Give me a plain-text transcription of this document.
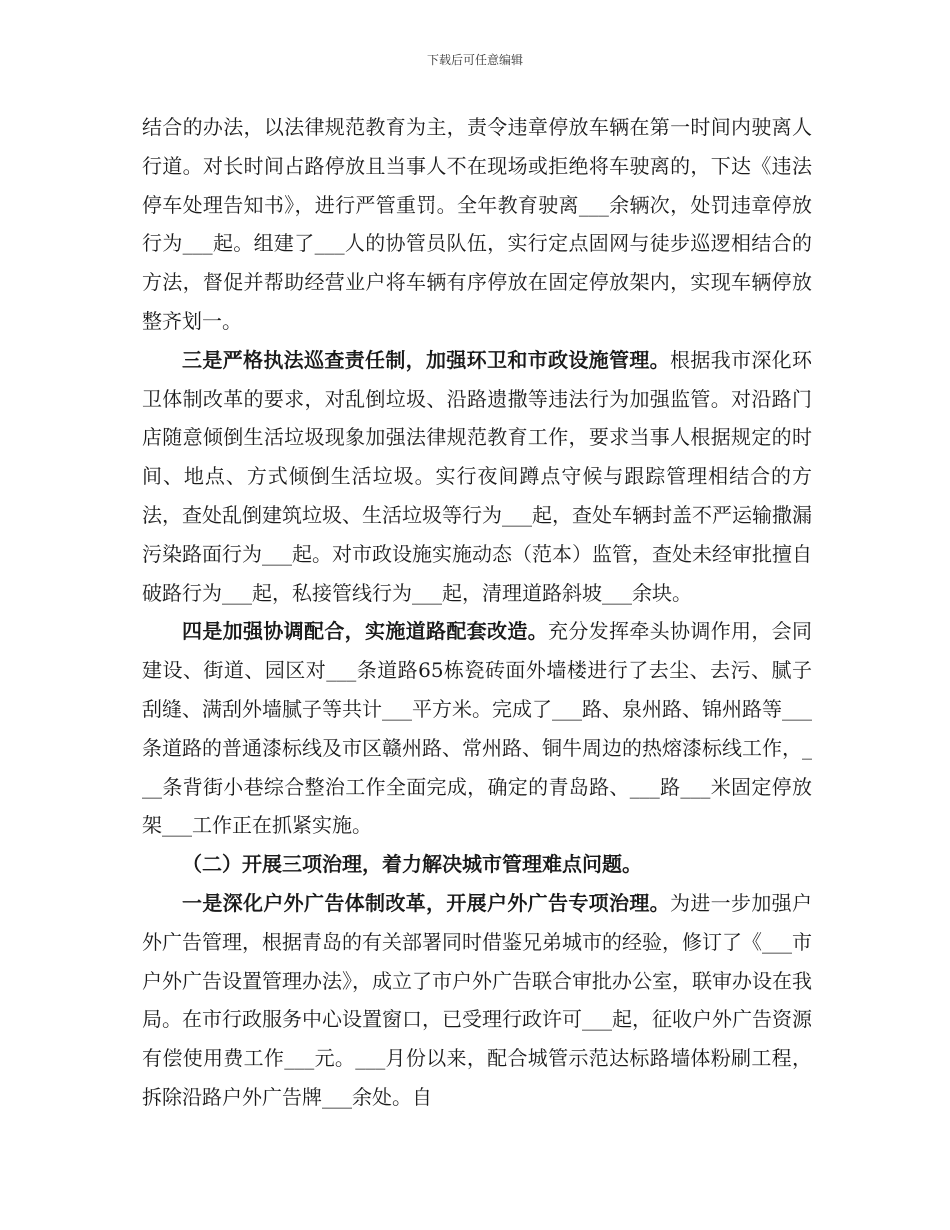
下载后可任意编辑

结合的办法，以法律规范教育为主，责令违章停放车辆在第一时间内驶离人行道。对长时间占路停放且当事人不在现场或拒绝将车驶离的，下达《违法停车处理告知书》，进行严管重罚。全年教育驶离___余辆次，处罚违章停放行为___起。组建了___人的协管员队伍，实行定点固网与徒步巡逻相结合的方法，督促并帮助经营业户将车辆有序停放在固定停放架内，实现车辆停放整齐划一。

三是严格执法巡查责任制，加强环卫和市政设施管理。根据我市深化环卫体制改革的要求，对乱倒垃圾、沿路遗撒等违法行为加强监管。对沿路门店随意倾倒生活垃圾现象加强法律规范教育工作，要求当事人根据规定的时间、地点、方式倾倒生活垃圾。实行夜间蹲点守候与跟踪管理相结合的方法，查处乱倒建筑垃圾、生活垃圾等行为___起，查处车辆封盖不严运输撒漏污染路面行为___起。对市政设施实施动态（范本）监管，查处未经审批擅自破路行为___起，私接管线行为___起，清理道路斜坡___余块。

四是加强协调配合，实施道路配套改造。充分发挥牵头协调作用，会同建设、街道、园区对___条道路65栋瓷砖面外墙楼进行了去尘、去污、腻子刮缝、满刮外墙腻子等共计___平方米。完成了___路、泉州路、锦州路等___条道路的普通漆标线及市区赣州路、常州路、铜牛周边的热熔漆标线工作，___条背街小巷综合整治工作全面完成，确定的青岛路、___路___米固定停放架___工作正在抓紧实施。

（二）开展三项治理，着力解决城市管理难点问题。

一是深化户外广告体制改革，开展户外广告专项治理。为进一步加强户外广告管理，根据青岛的有关部署同时借鉴兄弟城市的经验，修订了《___市户外广告设置管理办法》，成立了市户外广告联合审批办公室，联审办设在我局。在市行政服务中心设置窗口，已受理行政许可___起，征收户外广告资源有偿使用费工作___元。___月份以来，配合城管示范达标路墙体粉刷工程，拆除沿路户外广告牌___余处。自
